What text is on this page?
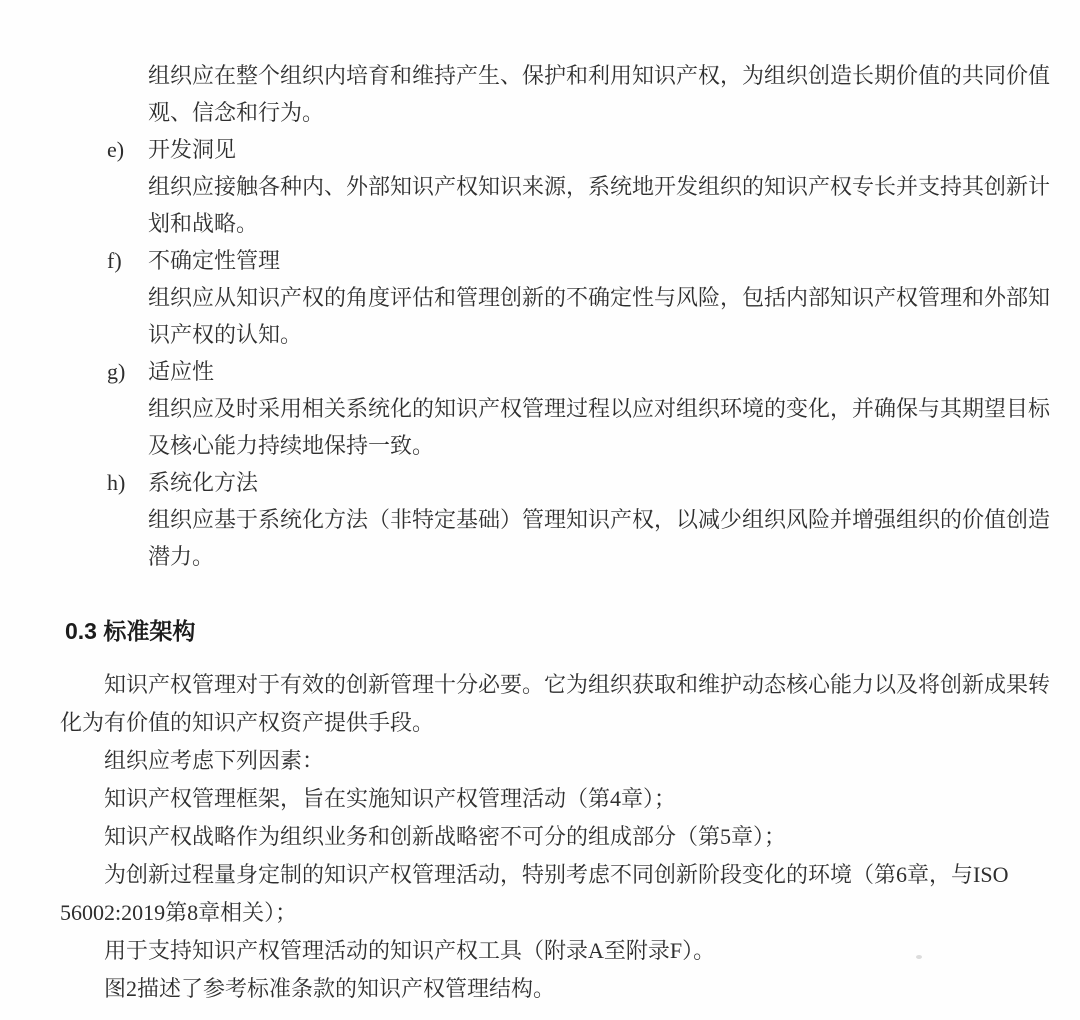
组织应在整个组织内培育和维持产生、保护和利用知识产权，为组织创造长期价值的共同价值
观、信念和行为。
e) 开发洞见
组织应接触各种内、外部知识产权知识来源，系统地开发组织的知识产权专长并支持其创新计
划和战略。
f) 不确定性管理
组织应从知识产权的角度评估和管理创新的不确定性与风险，包括内部知识产权管理和外部知
识产权的认知。
g) 适应性
组织应及时采用相关系统化的知识产权管理过程以应对组织环境的变化，并确保与其期望目标
及核心能力持续地保持一致。
h) 系统化方法
组织应基于系统化方法（非特定基础）管理知识产权，以减少组织风险并增强组织的价值创造
潜力。
0.3 标准架构
知识产权管理对于有效的创新管理十分必要。它为组织获取和维护动态核心能力以及将创新成果转
化为有价值的知识产权资产提供手段。
组织应考虑下列因素：
知识产权管理框架，旨在实施知识产权管理活动（第4章）；
知识产权战略作为组织业务和创新战略密不可分的组成部分（第5章）；
为创新过程量身定制的知识产权管理活动，特别考虑不同创新阶段变化的环境（第6章，与ISO
56002:2019第8章相关）；
用于支持知识产权管理活动的知识产权工具（附录A至附录F）。
图2描述了参考标准条款的知识产权管理结构。
